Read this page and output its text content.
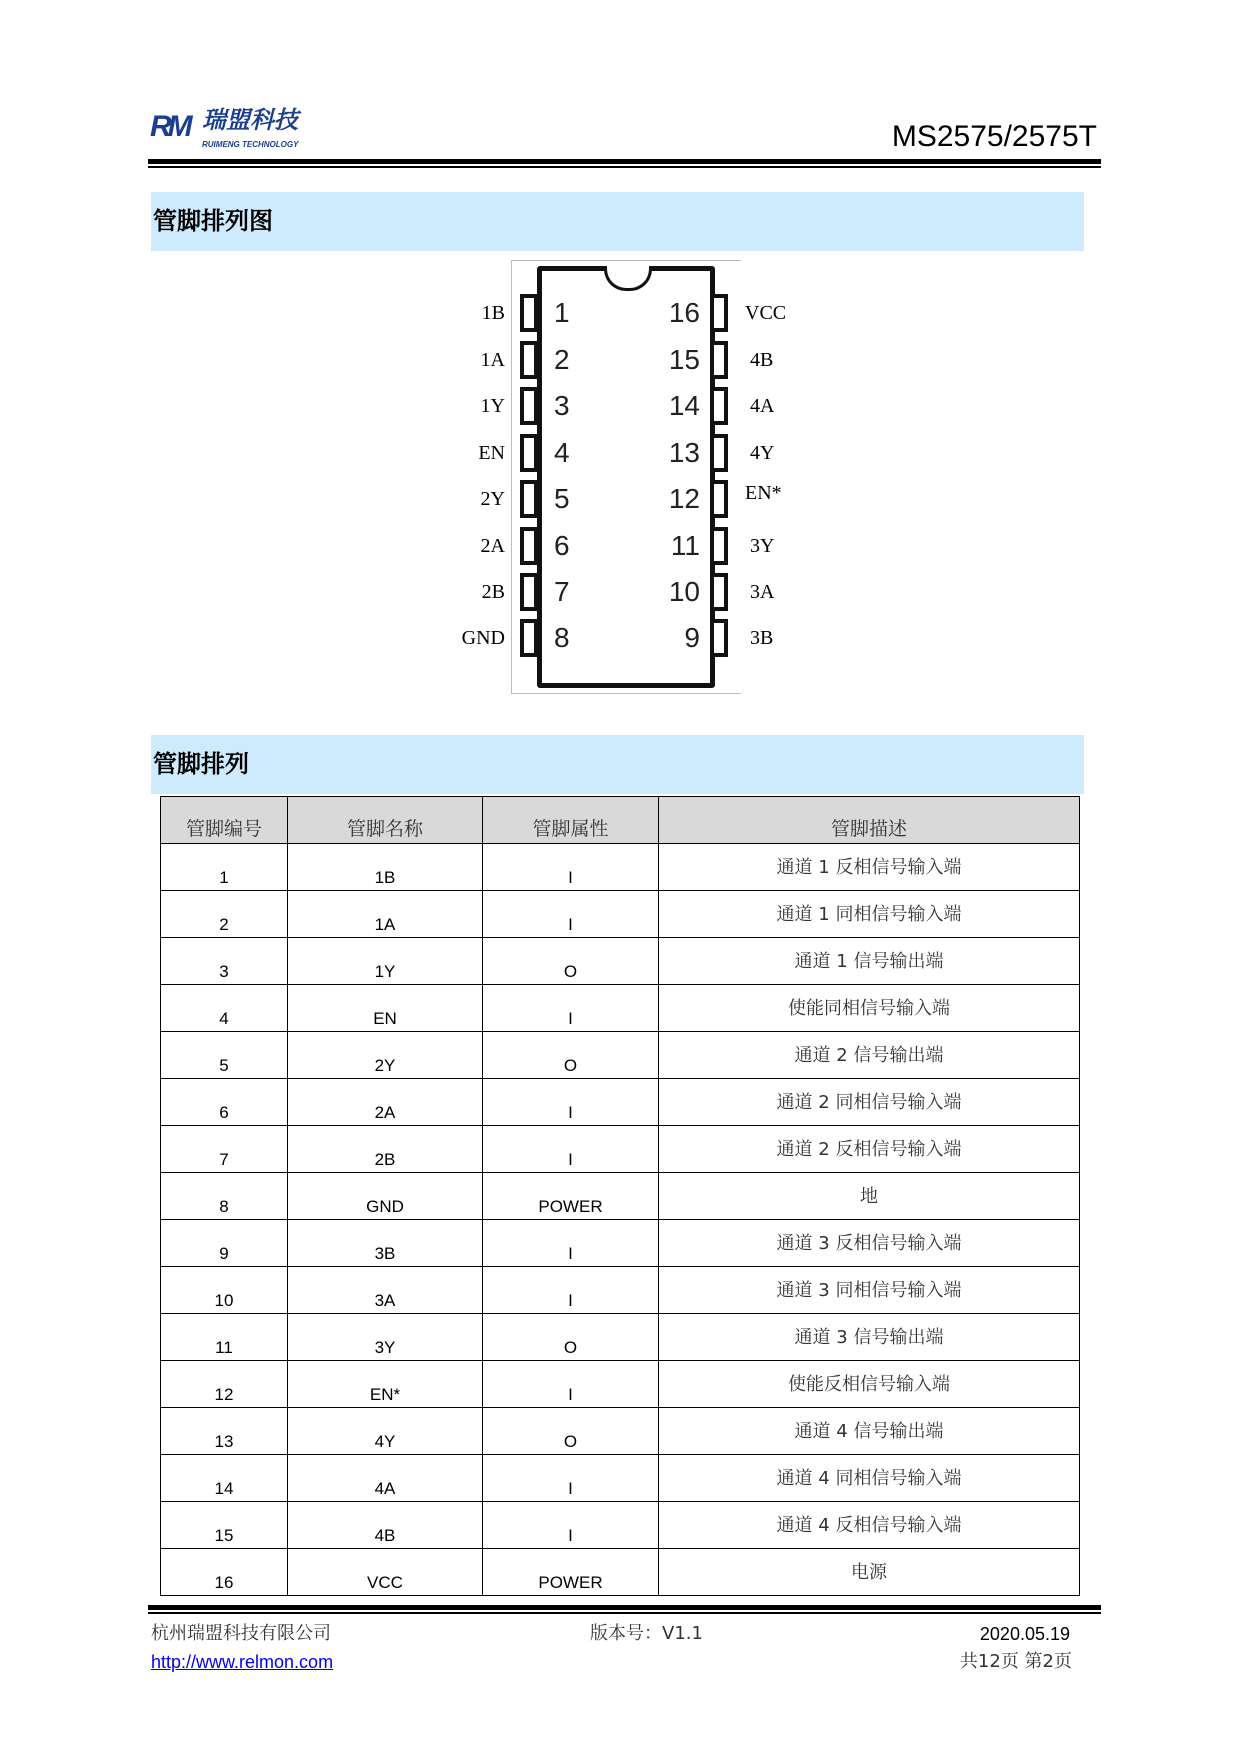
RM 瑞盟科技
RUIMENG TECHNOLOGY	MS2575/2575T
管脚排列图
1
1B
2
1A
3
1Y
4
EN
5
2Y
6
2A
7
2B
8
GND
16 VCC
15	4B
14	4A
13	4Y
12 EN*
11	3Y
10	3A
9	3B
管脚排列
管脚编号	管脚名称	管脚属性	管脚描述
1	1B	I	通道 1 反相信号输入端
2	1A	I	通道 1 同相信号输入端
3	1Y	O	通道 1 信号输出端
4	EN	I	使能同相信号输入端
5	2Y	O	通道 2 信号输出端
6	2A	I	通道 2 同相信号输入端
7	2B	I	通道 2 反相信号输入端
8	GND	POWER	地
9	3B	I	通道 3 反相信号输入端
10	3A	I	通道 3 同相信号输入端
11	3Y	O	通道 3 信号输出端
12	EN*	I	使能反相信号输入端
13	4Y	O	通道 4 信号输出端
14	4A	I	通道 4 同相信号输入端
15	4B	I	通道 4 反相信号输入端
16	VCC	POWER	电源
杭州瑞盟科技有限公司
http://www.relmon.com
版本号：V1.1	2020.05.19
共12页 第2页
